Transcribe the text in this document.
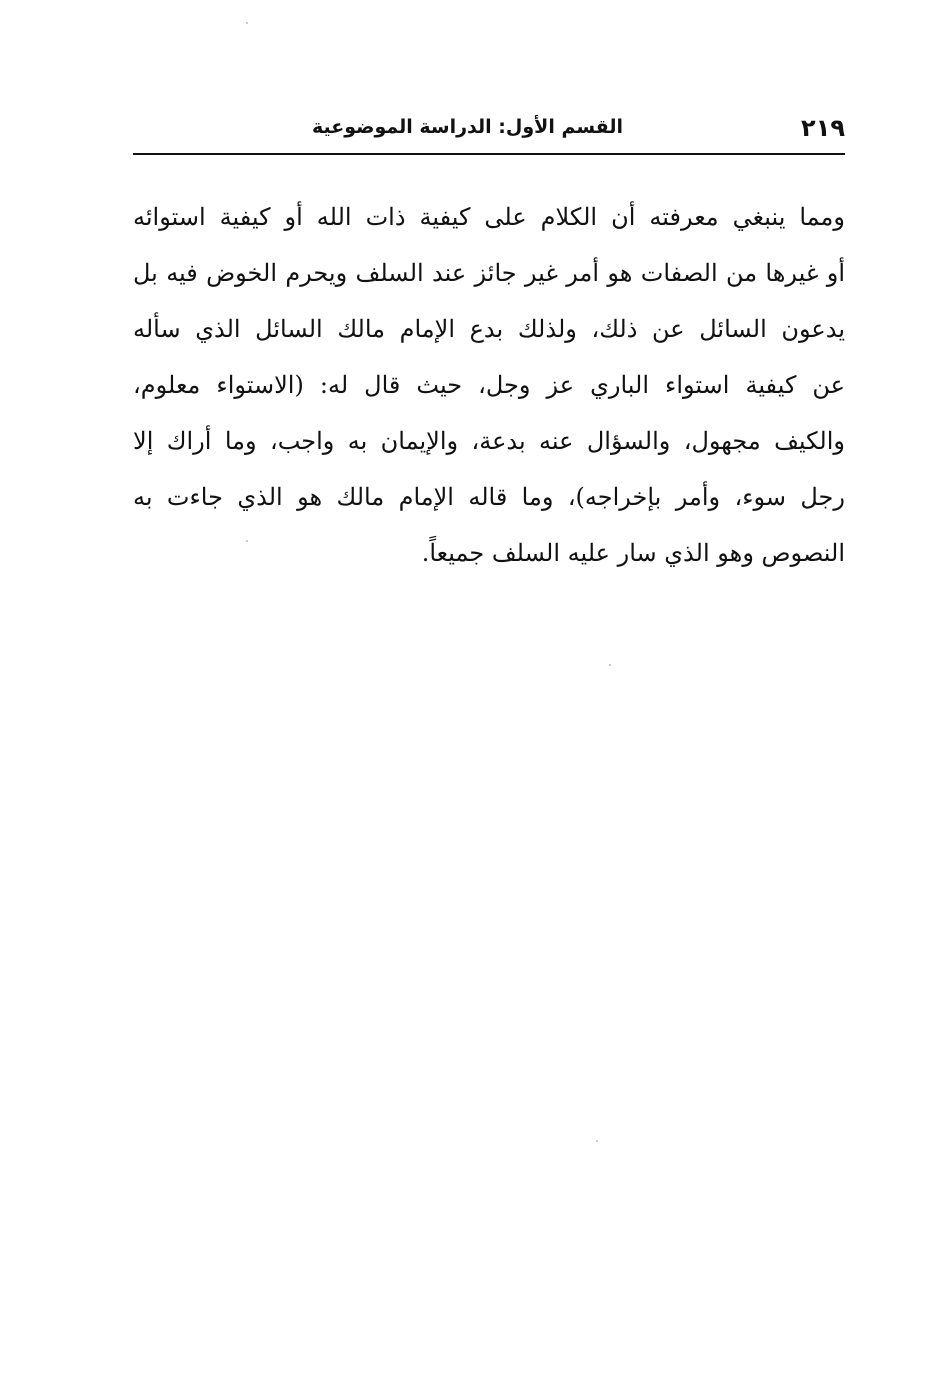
٢١٩
القسم الأول: الدراسة الموضوعية
ومما ينبغي معرفته أن الكلام على كيفية ذات الله أو كيفية استوائه
أو غيرها من الصفات هو أمر غير جائز عند السلف ويحرم الخوض فيه بل
يدعون السائل عن ذلك، ولذلك بدع الإمام مالك السائل الذي سأله
عن كيفية استواء الباري عز وجل، حيث قال له: (الاستواء معلوم،
والكيف مجهول، والسؤال عنه بدعة، والإيمان به واجب، وما أراك إلا
رجل سوء، وأمر بإخراجه)، وما قاله الإمام مالك هو الذي جاءت به
النصوص وهو الذي سار عليه السلف جميعاً.
